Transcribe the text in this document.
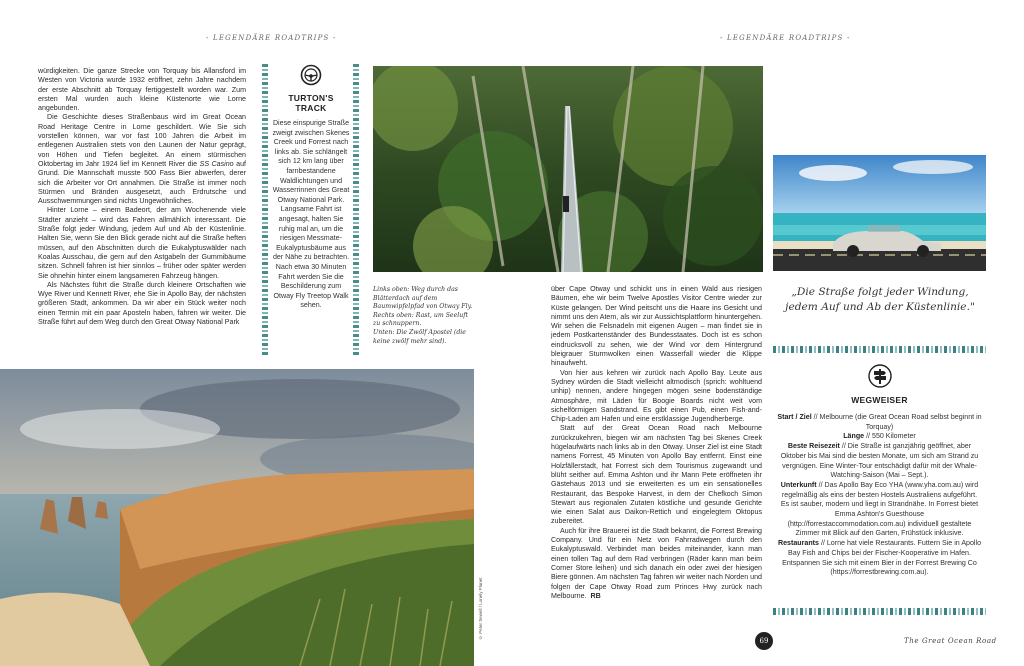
- LEGENDÄRE ROADTRIPS -	- LEGENDÄRE ROADTRIPS -

würdigkeiten. Die ganze Strecke von Torquay bis Allansford im Westen von Victoria wurde 1932 eröffnet, zehn Jahre nachdem der erste Abschnitt ab Torquay fertiggestellt worden war. Zum ersten Mal wurden auch kleine Küstenorte wie Lorne angebunden.

Die Geschichte dieses Straßenbaus wird im Great Ocean Road Heritage Centre in Lorne geschildert. Wie Sie sich vorstellen können, war vor fast 100 Jahren die Arbeit im entlegenen Australien stets von den Launen der Natur geprägt, von Höhen und Tiefen begleitet. An einem stürmischen Oktobertag im Jahr 1924 lief im Kennett River die SS Casino auf Grund. Die Mannschaft musste 500 Fass Bier abwerfen, derer sich die Arbeiter vor Ort annahmen. Die Straße ist immer noch Stürmen und Bränden ausgesetzt, auch Erdrutsche und Ausschwemmungen sind nichts Ungewöhnliches.

Hinter Lorne – einem Badeort, der am Wochenende viele Städter anzieht – wird das Fahren allmählich interessant. Die Straße folgt jeder Windung, jedem Auf und Ab der Küstenlinie. Halten Sie, wenn Sie den Blick gerade nicht auf die Straße heften müssen, auf den Abschnitten durch die Eukalyptuswälder nach Koalas Ausschau, die gern auf den Astgabeln der Gummibäume sitzen. Schnell fahren ist hier sinnlos – früher oder später werden Sie ohnehin hinter einem langsameren Fahrzeug hängen.

Als Nächstes führt die Straße durch kleinere Ortschaften wie Wye River und Kennett River, ehe Sie in Apollo Bay, der nächsten größeren Stadt, ankommen. Da wir aber ein Stück weiter noch einen Termin mit ein paar Aposteln haben, fahren wir weiter. Die Straße führt auf dem Weg durch den Great Otway National Park

TURTON'S TRACK
Diese einspurige Straße zweigt zwischen Skenes Creek und Forrest nach links ab. Sie schlängelt sich 12 km lang über farnbestandene Waldlichtungen und Wasserrinnen des Great Otway National Park. Langsame Fahrt ist angesagt, halten Sie ruhig mal an, um die riesigen Messmate-Eukalyptusbäume aus der Nähe zu betrachten. Nach etwa 30 Minuten Fahrt werden Sie die Beschilderung zum Otway Fly Treetop Walk sehen.
Links oben: Weg durch das Blätterdach auf dem Baumwipfelpfad von Otway Fly.
Rechts oben: Rast, um Seeluft zu schnuppern.
Unten: Die Zwölf Apostel (die keine zwölf mehr sind).

über Cape Otway und schickt uns in einen Wald aus riesigen Bäumen, ehe wir beim Twelve Apostles Visitor Centre wieder zur Küste gelangen. Der Wind peitscht uns die Haare ins Gesicht und nimmt uns den Atem, als wir zur Aussichtsplattform hinuntergehen. Wir sehen die Felsnadeln mit eigenen Augen – man findet sie in jedem Postkartenständer des Bundesstaates. Doch ist es schon eindrucksvoll zu sehen, wie der Wind vor dem Hintergrund bleigrauer Sturmwolken einen Wasserfall wieder die Klippe hinaufweht.

Von hier aus kehren wir zurück nach Apollo Bay. Leute aus Sydney würden die Stadt vielleicht altmodisch (sprich: wohltuend unhip) nennen, andere hingegen mögen seine bodenständige Atmosphäre, mit Läden für Boogie Boards nicht weit vom sichelförmigen Sandstrand. Es gibt einen Pub, einen Fish-and-Chip-Laden am Hafen und eine erstklassige Jugendherberge.

Statt auf der Great Ocean Road nach Melbourne zurückzukehren, biegen wir am nächsten Tag bei Skenes Creek hügelaufwärts nach links ab in den Otway. Unser Ziel ist eine Stadt namens Forrest, 45 Minuten von Apollo Bay entfernt. Einst eine Holzfällerstadt, hat Forrest sich dem Tourismus zugewandt und blüht seither auf. Emma Ashton und ihr Mann Pete eröffneten ihr Gästehaus 2013 und sie erweiterten es um ein sensationelles Restaurant, das Bespoke Harvest, in dem der Chefkoch Simon Stewart aus regionalen Zutaten köstliche und gesunde Gerichte wie einen Salat aus Daikon-Rettich und eingelegtem Oktopus zubereitet.

Auch für ihre Brauerei ist die Stadt bekannt, die Forrest Brewing Company. Und für ein Netz von Fahrradwegen durch den Eukalyptuswald. Verbindet man beides miteinander, kann man einen tollen Tag auf dem Rad verbringen (Räder kann man beim Corner Store leihen) und sich danach ein oder zwei der hiesigen Biere gönnen. Am nächsten Tag fahren wir weiter nach Norden und folgen der Cape Otway Road zum Princes Hwy zurück nach Melbourne. RB

„Die Straße folgt jeder Windung, jedem Auf und Ab der Küstenlinie."
WEGWEISER
Start / Ziel // Melbourne (die Great Ocean Road selbst beginnt in Torquay)
Länge // 550 Kilometer
Beste Reisezeit // Die Straße ist ganzjährig geöffnet, aber Oktober bis Mai sind die besten Monate, um sich am Strand zu vergnügen. Eine Winter-Tour entschädigt dafür mit der Whale-Watching-Saison (Mai – Sept.).
Unterkunft // Das Apollo Bay Eco YHA (www.yha.com.au) wird regelmäßig als eins der besten Hostels Australiens aufgeführt. Es ist sauber, modern und liegt in Strandnähe. In Forrest bietet Emma Ashton's Guesthouse (http://forrestaccommodation.com.au) individuell gestaltete Zimmer mit Blick auf den Garten, Frühstück inklusive.
Restaurants // Lorne hat viele Restaurants. Futtern Sie in Apollo Bay Fish and Chips bei der Fischer-Kooperative im Hafen. Entspannen Sie sich mit einem Bier in der Forrest Brewing Co (https://forrestbrewing.com.au).
© Peter Sewell / Lonely Planet
69	The Great Ocean Road
